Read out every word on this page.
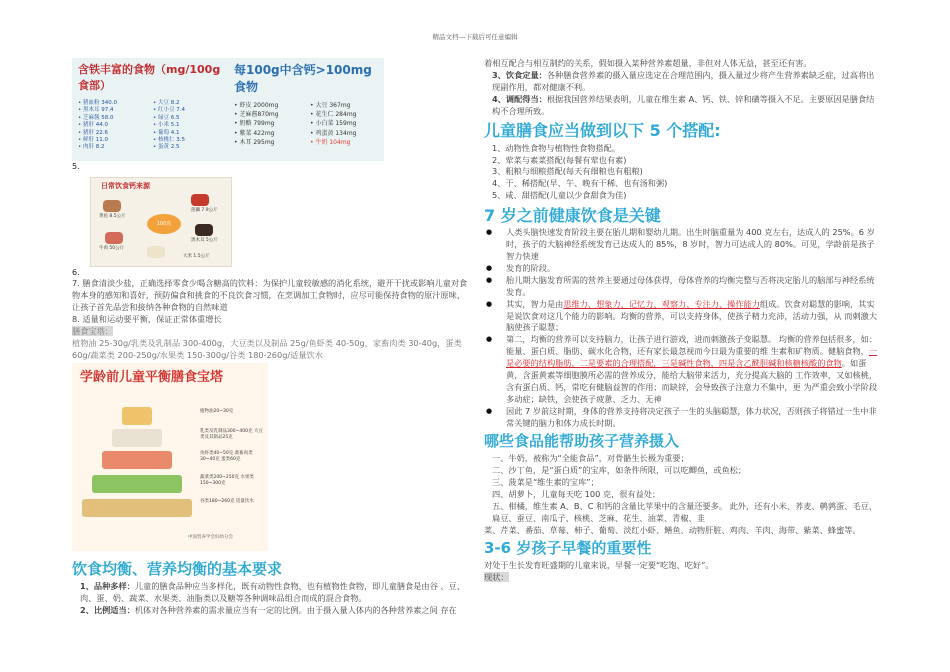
精品文档---下载后可任意编辑
含铁丰富的食物（mg/100g食部）
• 猪血粉 340.0	• 大豆 8.2
• 黑木耳 97.4	• 红小豆 7.4
• 芝麻酱 58.0	• 绿豆 6.5
• 猪肝 44.0	• 小米 5.1
• 猪肝 22.6	• 葡萄 4.1
• 鲜肝 11.0	• 核桃仁 3.5
• 肉肝 8.2	• 蛋黄 2.5
每100g中含钙>100mg食物
• 虾皮 2000mg	• 大豆 367mg
• 芝麻酱870mg	• 花生仁 284mg
• 奶酪 799mg	• 小白菜 159mg
• 紫菜 422mg	• 鸡蛋黄 134mg
• 木耳 295mg	• 牛奶 104mg
5.
日常饮食钙来源
100克
黄鱼 8.5公斤
莲藕 7.9公斤
牛肉 50公斤
黑木耳 5公斤
大米 1.5公斤
6.
7. 膳食清淡少盐，正确选择零食少喝含糖高的饮料：为保护儿童较敏感的消化系统，避开干扰或影响儿童对食物本身的感知和喜好，预防偏食和挑食的不良饮食习惯，在烹调加工食物时，应尽可能保持食物的原汁原味，让孩子首先品尝和接纳各种食物的自然味道
8. 适量和运动要平衡，保证正常体重增长
膳食宝塔：
植物油 25-30g/乳类及乳制品 300-400g，大豆类以及制品 25g/鱼虾类 40-50g，家畜肉类 30-40g，蛋类 60g/蔬菜类 200-250g/水果类 150-300g/谷类 180-260g/适量饮水
学龄前儿童平衡膳食宝塔
植物油20~30克
乳类及乳制品300~400克 大豆类及其制品25克
鱼虾类40~50克 禽畜肉类30~40克 蛋类60克
蔬菜类200~250克 水果类150~300克
谷类180~260克 适量饮水
中国营养学会妇幼分会
饮食均衡、营养均衡的基本要求
1、品种多样：儿童的膳食品种应当多样化，既有动物性食物，也有植物性食物，即儿童膳食是由谷 、豆、肉、蛋、奶、蔬菜、水果类、油脂类以及糖等各种调味品组合而成的混合食物。
2、比例适当：机体对各种营养素的需求量应当有一定的比例。由于摄入量人体内的各种营养素之间 存在
着相互配合与相互制约的关系，假如摄入某种营养素超量，非但对人体无益，甚至还有害。
3、饮食定量：各种膳食营养素的摄入量应选定在合理范围内，摄入量过少将产生营养素缺乏症，过高将出现副作用，都对健康不利。
4、调配得当：根据我国营养结果表明，儿童在维生素 A、钙、铁、锌和磺等摄入不足。主要原因是膳食结构不合理所致。
儿童膳食应当做到以下 5 个搭配:
1、动物性食物与植物性食物搭配。
2、荤菜与素菜搭配(每餐有荤也有素)
3、粗粮与细粮搭配(每天有细粮也有粗粮)
4、干、稀搭配(早、午、晚有干稀、也有汤和粥)
5、咸、甜搭配(儿童以少食甜食为佳)
7 岁之前健康饮食是关键
● 人类头脑快速发育阶段主要在胎儿期和婴幼儿期。出生时脑重量为 400 克左右，达成人的 25%。6 岁时，孩子的大脑神经系统发育已达成人的 85%，8 岁时，智力可达成人的 80%。可见，学龄前是孩子智力快速
● 发育的阶段。
● 胎儿期大脑发育所需的营养主要通过母体获得，母体营养的均衡完整与否将决定胎儿的脑部与神经系统发育。
● 其实，智力是由思维力、想象力、记忆力、观察力、专注力、操作能力组成。饮食对聪慧的影响，其实是说饮食对这几个能力的影响。均衡的营养，可以支持身体，使孩子精力充沛，活动力强，从 而刺激大脑使孩子聪慧；
● 第二，均衡的营养可以支持脑力，让孩子进行游戏，进而刺激孩子变聪慧。 均衡的营养包括很多，如：能量、蛋白质、脂肪、碳水化合物，还有家长最忽视而今日最为重要的维 生素和矿物质。健脑食物，一是必要的结构脂肪，二是要素的合理搭配，三是碱性食物，四是含乙酰胆碱和核糖核酸的食物。如蛋黄，含蛋黄素等细胞膜所必需的营养成分，能给大脑带来活力，充分提高大脑的 工作效率，又如核桃，含有蛋白质、钙，常吃有健脑益智的作用；而缺锌，会导致孩子注意力不集中，更 为严重会致小学阶段多动症；缺铁，会使孩子疲惫、乏力、无神
● 因此 7 岁前这时期，身体的营养支持将决定孩子一生的头脑聪慧，体力状况，否则孩子将错过一生中非常关键的脑力和体力成长时期。
哪些食品能帮助孩子营养摄入
一、牛奶，被称为“全能食品”，对骨骼生长极为重要；
二、沙丁鱼，是“蛋白质”的宝库，如条件所限，可以吃鲫鱼，或鱼松；
三、菠菜是“维生素的宝库”；
四、胡萝卜，儿童每天吃 100 克，很有益处；
五、柑橘，维生素 A、B、C 和钙的含量比苹果中的含量还要多。 此外，还有小米、荞麦、鹌鹑蛋、毛豆、扁豆、蚕豆、南瓜子、核桃、芝麻、花生、油菜、青椒、韭
菜、芹菜、番茄、草莓、柿子、葡萄、淡红小虾、鳝鱼、动物肝脏、鸡肉、羊肉、海带、紫菜、蜂蜜等。
3-6 岁孩子早餐的重要性
对处于生长发育旺盛期的儿童来说，早餐一定要“吃饱、吃好”。
现状：
